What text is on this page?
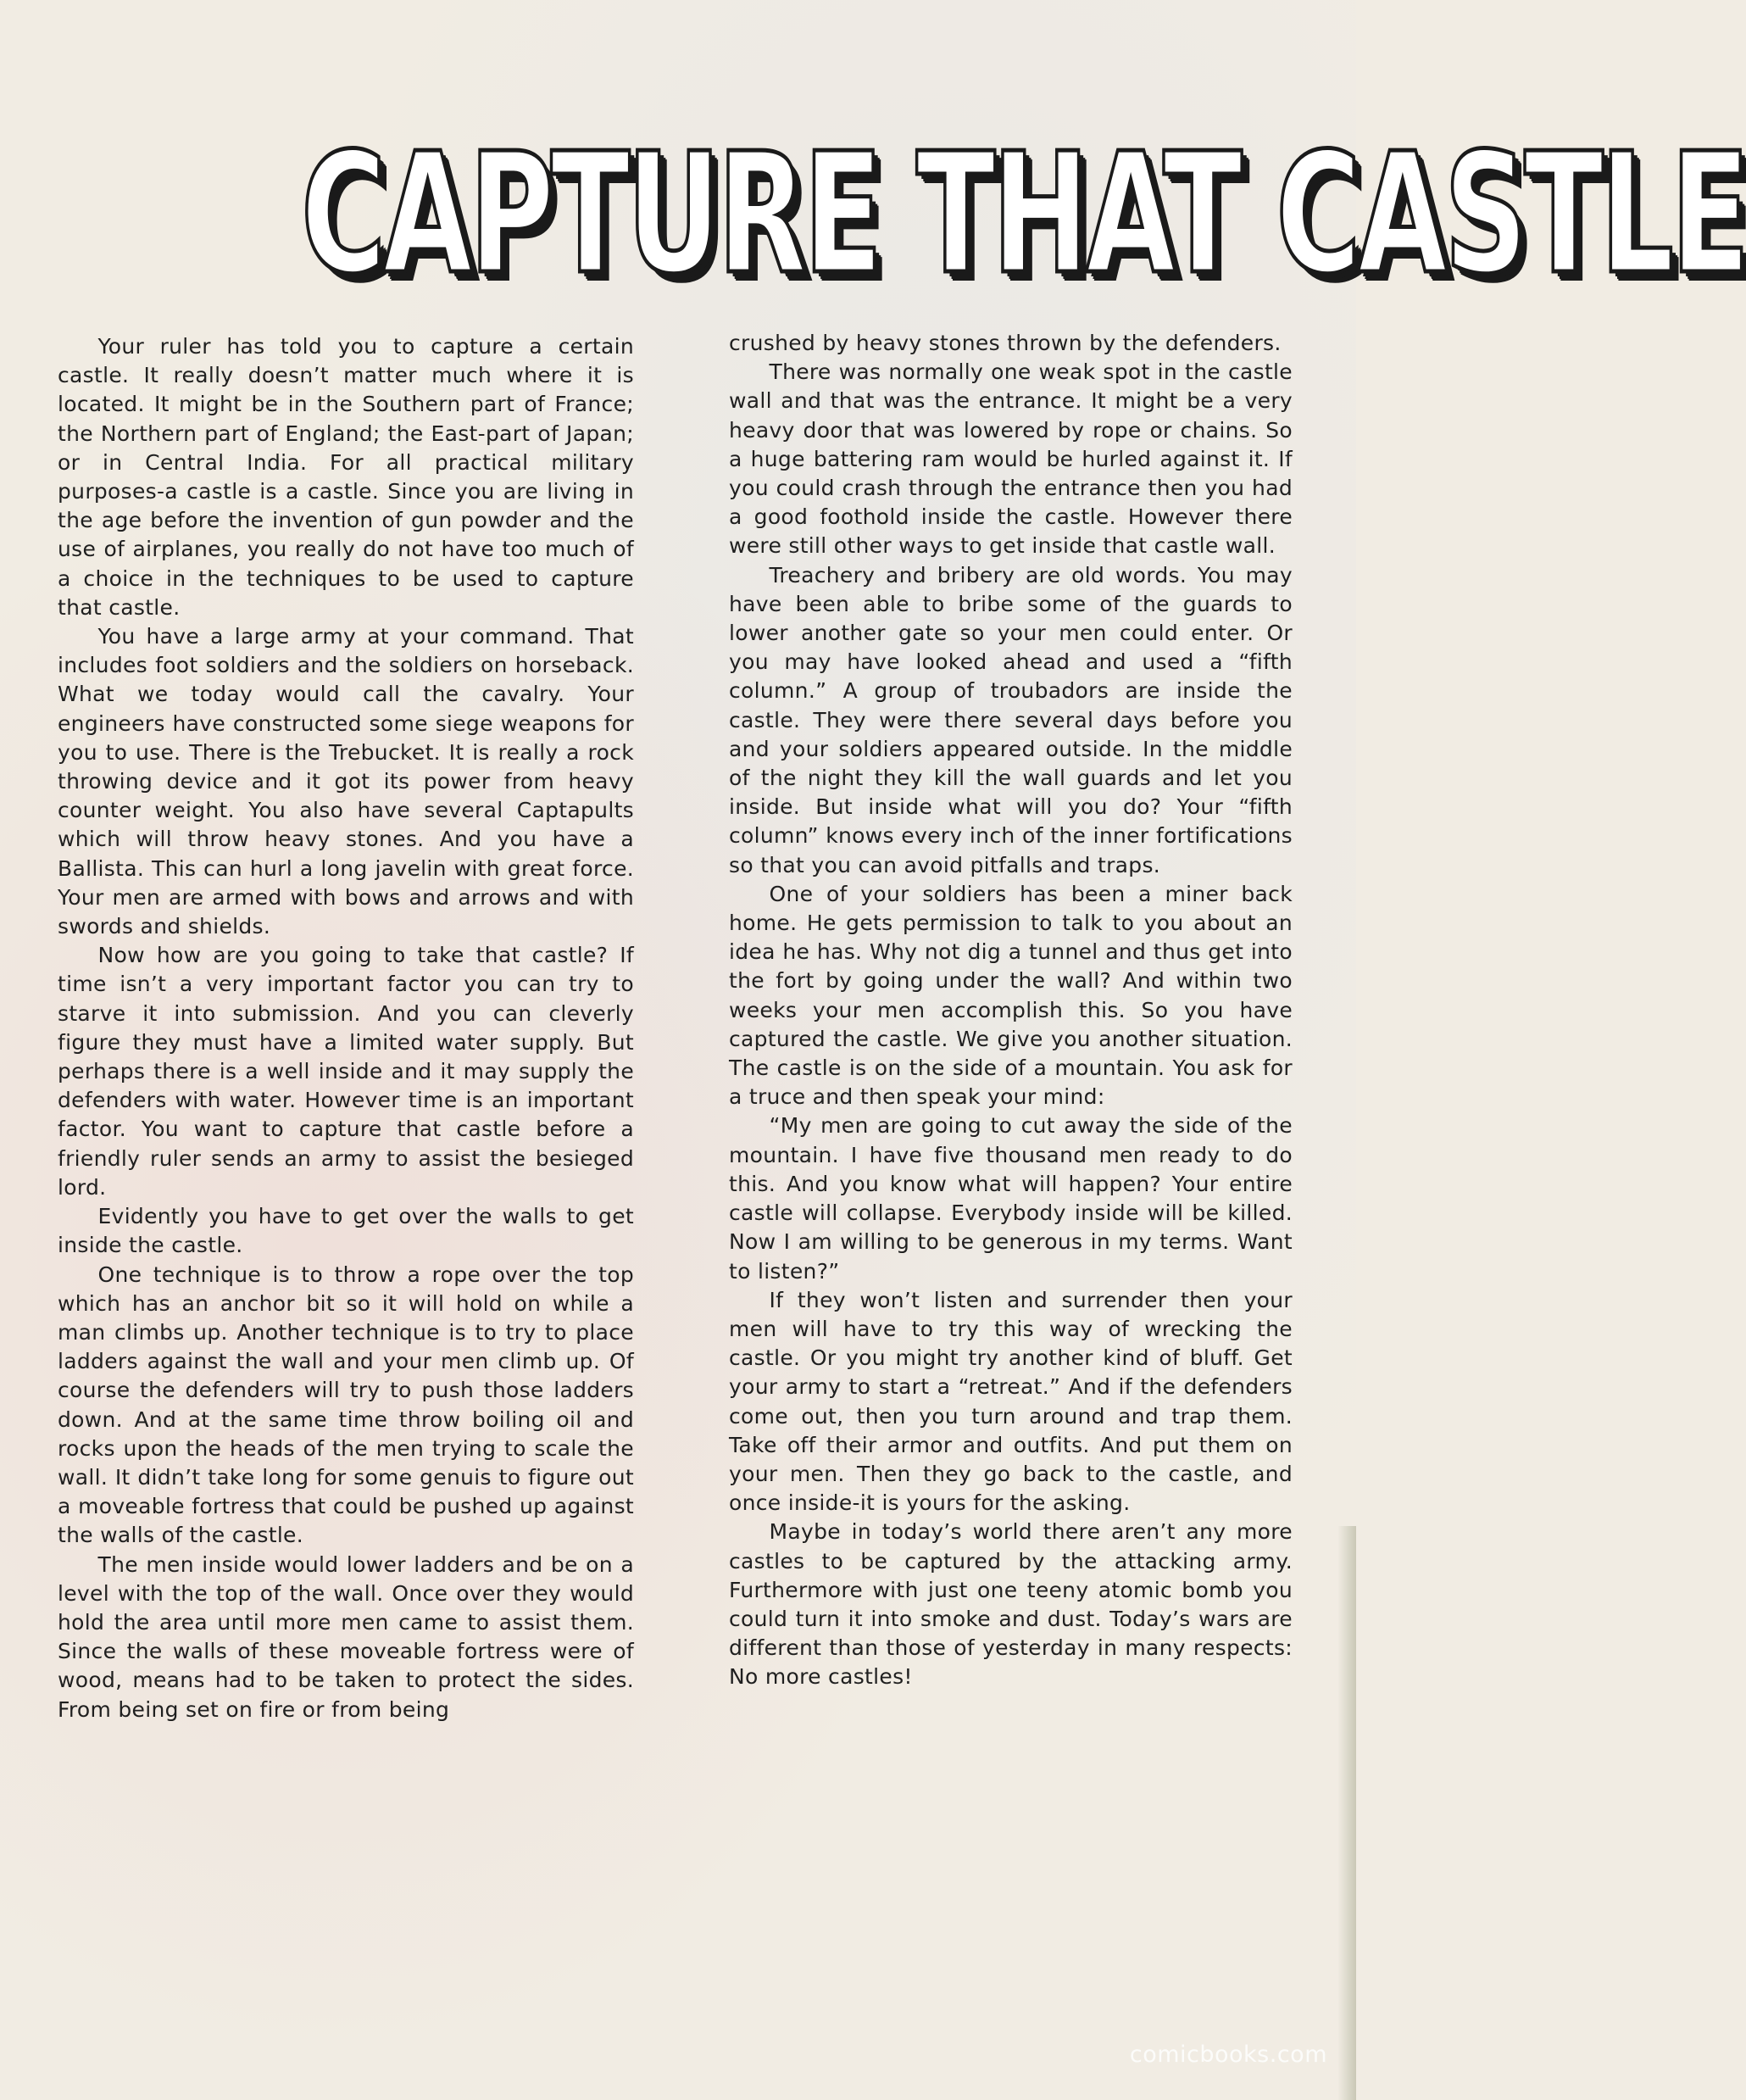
CAPTURE THAT CASTLE

Your ruler has told you to capture a certain castle. It really doesn’t matter much where it is located. It might be in the Southern part of France; the Northern part of England; the East-part of Japan; or in Central India. For all practical military purposes-a castle is a castle. Since you are living in the age before the invention of gun powder and the use of airplanes, you really do not have too much of a choice in the techniques to be used to capture that castle.

You have a large army at your command. That includes foot soldiers and the soldiers on horseback. What we today would call the cavalry. Your engineers have constructed some siege weapons for you to use. There is the Trebucket. It is really a rock throwing device and it got its power from heavy counter weight. You also have several Captapults which will throw heavy stones. And you have a Ballista. This can hurl a long javelin with great force. Your men are armed with bows and arrows and with swords and shields.

Now how are you going to take that castle? If time isn’t a very important factor you can try to starve it into submission. And you can cleverly figure they must have a limited water supply. But perhaps there is a well inside and it may supply the defenders with water. However time is an important factor. You want to capture that castle before a friendly ruler sends an army to assist the besieged lord.

Evidently you have to get over the walls to get inside the castle.

One technique is to throw a rope over the top which has an anchor bit so it will hold on while a man climbs up. Another technique is to try to place ladders against the wall and your men climb up. Of course the defenders will try to push those ladders down. And at the same time throw boiling oil and rocks upon the heads of the men trying to scale the wall. It didn’t take long for some genuis to figure out a moveable fortress that could be pushed up against the walls of the castle.

The men inside would lower ladders and be on a level with the top of the wall. Once over they would hold the area until more men came to assist them. Since the walls of these moveable fortress were of wood, means had to be taken to protect the sides. From being set on fire or from being

crushed by heavy stones thrown by the defenders.

There was normally one weak spot in the castle wall and that was the entrance. It might be a very heavy door that was lowered by rope or chains. So a huge battering ram would be hurled against it. If you could crash through the entrance then you had a good foothold inside the castle. However there were still other ways to get inside that castle wall.

Treachery and bribery are old words. You may have been able to bribe some of the guards to lower another gate so your men could enter. Or you may have looked ahead and used a “fifth column.” A group of troubadors are inside the castle. They were there several days before you and your soldiers appeared outside. In the middle of the night they kill the wall guards and let you inside. But inside what will you do? Your “fifth column” knows every inch of the inner fortifications so that you can avoid pitfalls and traps.

One of your soldiers has been a miner back home. He gets permission to talk to you about an idea he has. Why not dig a tunnel and thus get into the fort by going under the wall? And within two weeks your men accomplish this. So you have captured the castle. We give you another situation. The castle is on the side of a mountain. You ask for a truce and then speak your mind:

“My men are going to cut away the side of the mountain. I have five thousand men ready to do this. And you know what will happen? Your entire castle will collapse. Everybody inside will be killed. Now I am willing to be generous in my terms. Want to listen?”

If they won’t listen and surrender then your men will have to try this way of wrecking the castle. Or you might try another kind of bluff. Get your army to start a “retreat.” And if the defenders come out, then you turn around and trap them. Take off their armor and outfits. And put them on your men. Then they go back to the castle, and once inside-it is yours for the asking.

Maybe in today’s world there aren’t any more castles to be captured by the attacking army. Furthermore with just one teeny atomic bomb you could turn it into smoke and dust. Today’s wars are different than those of yesterday in many respects: No more castles!

comicbooks.com
